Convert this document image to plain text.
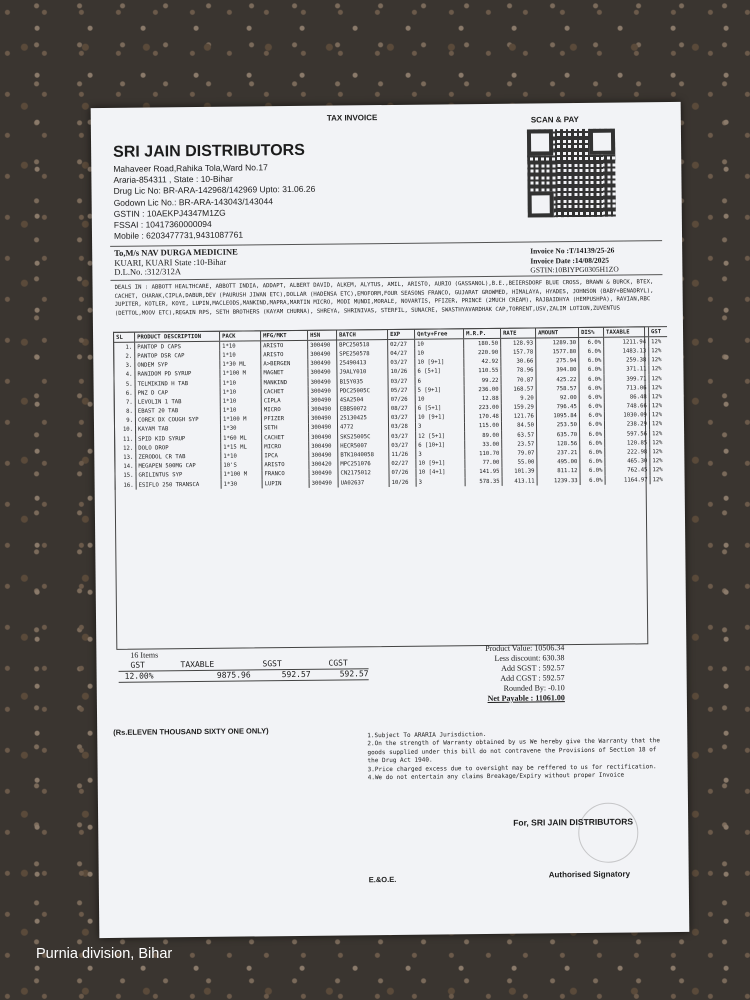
TAX INVOICE	SCAN & PAY
SRI JAIN DISTRIBUTORS
Mahaveer Road,Rahika Tola,Ward No.17
Araria-854311 , State : 10-Bihar
Drug Lic No: BR-ARA-142968/142969 Upto: 31.06.26
Godown Lic No.: BR-ARA-143043/143044
GSTIN : 10AEKPJ4347M1ZG
FSSAI : 10417360000094
Mobile : 6203477731,9431087761
To,M/s NAV DURGA MEDICINE
KUARI, KUARI State :10-Bihar
D.L.No. :312/312A
Invoice No :T/14139/25-26
Invoice Date :14/08/2025
GSTIN:10BIYPG0305H1ZO
DEALS IN : ABBOTT HEALTHCARE, ABBOTT INDIA, ADDAPT, ALBERT DAVID, ALKEM, ALYTUS, AMIL, ARISTO, AURIO (GASSANOL),B.E.,BEIERSDORF BLUE CROSS, BRAWN & BURCK, BTEX, CACHET, CHARAK,CIPLA,DABUR,DEV (PAURUSH JIWAN ETC),DOLLAR (HADENSA ETC),EMOFORM,FOUR SEASONS FRANCO, GUJARAT GROWMED, HIMALAYA, HYADES, JOHNSON (BABY+BENADRYL), JUPITER, KOTLER, KOYE, LUPIN,MACLEODS,MANKIND,MAPRA,MARTIN MICRO, MODI MUNDI,MORALE, NOVARTIS, PFIZER, PRINCE (2MUCH CREAM), RAJBAIDHYA (HEMPUSHPA), RAVIAN,RBC (DETTOL,MOOV ETC),REGAIN RPS, SETH BROTHERS (KAYAM CHURNA), SHREYA, SHRINIVAS, STERFIL, SUNACRE, SWASTHYAVARDHAK CAP,TORRENT,USV,ZALIM LOTION,ZUVENTUS
SL	PRODUCT DESCRIPTION	PACK	MFG/MKT	HSN	BATCH	EXP	Qnty+Free	M.R.P.	RATE	AMOUNT	DIS%	TAXABLE	GST
1.	PANTOP D CAPS	1*10	ARISTO	300490	BPC250518	02/27	10	180.50	128.93	1289.30	6.0%	1211.94	12%
2.	PANTOP DSR CAP	1*10	ARISTO	300490	SPE250578	04/27	10	220.90	157.78	1577.80	6.0%	1483.13	12%
3.	ONDEM SYP	1*30 ML	A>BERGEN	300490	25490413	03/27	10 [9+1]	42.92	30.66	275.94	6.0%	259.38	12%
4.	RANIDOM PD SYRUP	1*100 M	MAGNET	300490	J9ALY010	10/26	6 [5+1]	110.55	78.96	394.80	6.0%	371.11	12%
5.	TELMIKIND H TAB	1*10	MANKIND	300490	B15Y035	03/27	6	99.22	70.87	425.22	6.0%	399.71	12%
6.	PNZ D CAP	1*10	CACHET	300490	PDC25005C	05/27	5 [9+1]	236.00	168.57	758.57	6.0%	713.06	12%
7.	LEVOLIN 1 TAB	1*10	CIPLA	300490	4SA2504	07/26	10	12.88	9.20	92.00	6.0%	86.48	12%
8.	EBAST 20 TAB	1*10	MICRO	300490	EBBS0072	08/27	6 [5+1]	223.00	159.29	796.45	6.0%	748.66	12%
9.	COREX DX COUGH SYP	1*100 M	PFIZER	300490	25130425	03/27	10 [9+1]	170.48	121.76	1095.84	6.0%	1030.09	12%
10.	KAYAM TAB	1*30	SETH	300490	4772	03/28	3	115.00	84.50	253.50	6.0%	238.29	12%
11.	SPID KID SYRUP	1*60 ML	CACHET	300490	SKS25005C	03/27	12 [5+1]	89.00	63.57	635.70	6.0%	597.56	12%
12.	DOLO DROP	1*15 ML	MICRO	300490	HECR5007	03/27	6 [10+1]	33.00	23.57	128.56	6.0%	120.85	12%
13.	ZERODOL CR TAB	1*10	IPCA	300490	BTK1040058	11/26	3	110.70	79.07	237.21	6.0%	222.98	12%
14.	MEGAPEN 500MG CAP	10'S	ARISTO	300420	MPC251076	02/27	10 [9+1]	77.00	55.00	495.00	6.0%	465.30	12%
15.	GRILINTUS SYP	1*100 M	FRANCO	300490	CN2175012	07/26	10 [4+1]	141.95	101.39	811.12	6.0%	762.45	12%
16.	ESIFLO 250 TRANSCA	1*30	LUPIN	300490	UA02637	10/26	3	578.35	413.11	1239.33	6.0%	1164.97	12%
16 Items
GST	TAXABLE	SGST	CGST
12.00%	9875.96	592.57	592.57
Product Value: 10506.34
Less discount: 630.38
Add SGST : 592.57
Add CGST : 592.57
Rounded By: -0.10
Net Payable : 11061.00
(Rs.ELEVEN THOUSAND SIXTY ONE ONLY)	1.Subject To ARARIA Jurisdiction.
2.On the strength of Warranty obtained by us We hereby give the Warranty that the goods supplied under this bill do not contravene the Provisions of Section 18 of the Drug Act 1940.
3.Price charged excess due to oversight may be reffered to us for rectification.
4.We do not entertain any claims Breakage/Expiry without proper Invoice
For, SRI JAIN DISTRIBUTORS
E.&O.E.
Authorised Signatory
Purnia division, Bihar
